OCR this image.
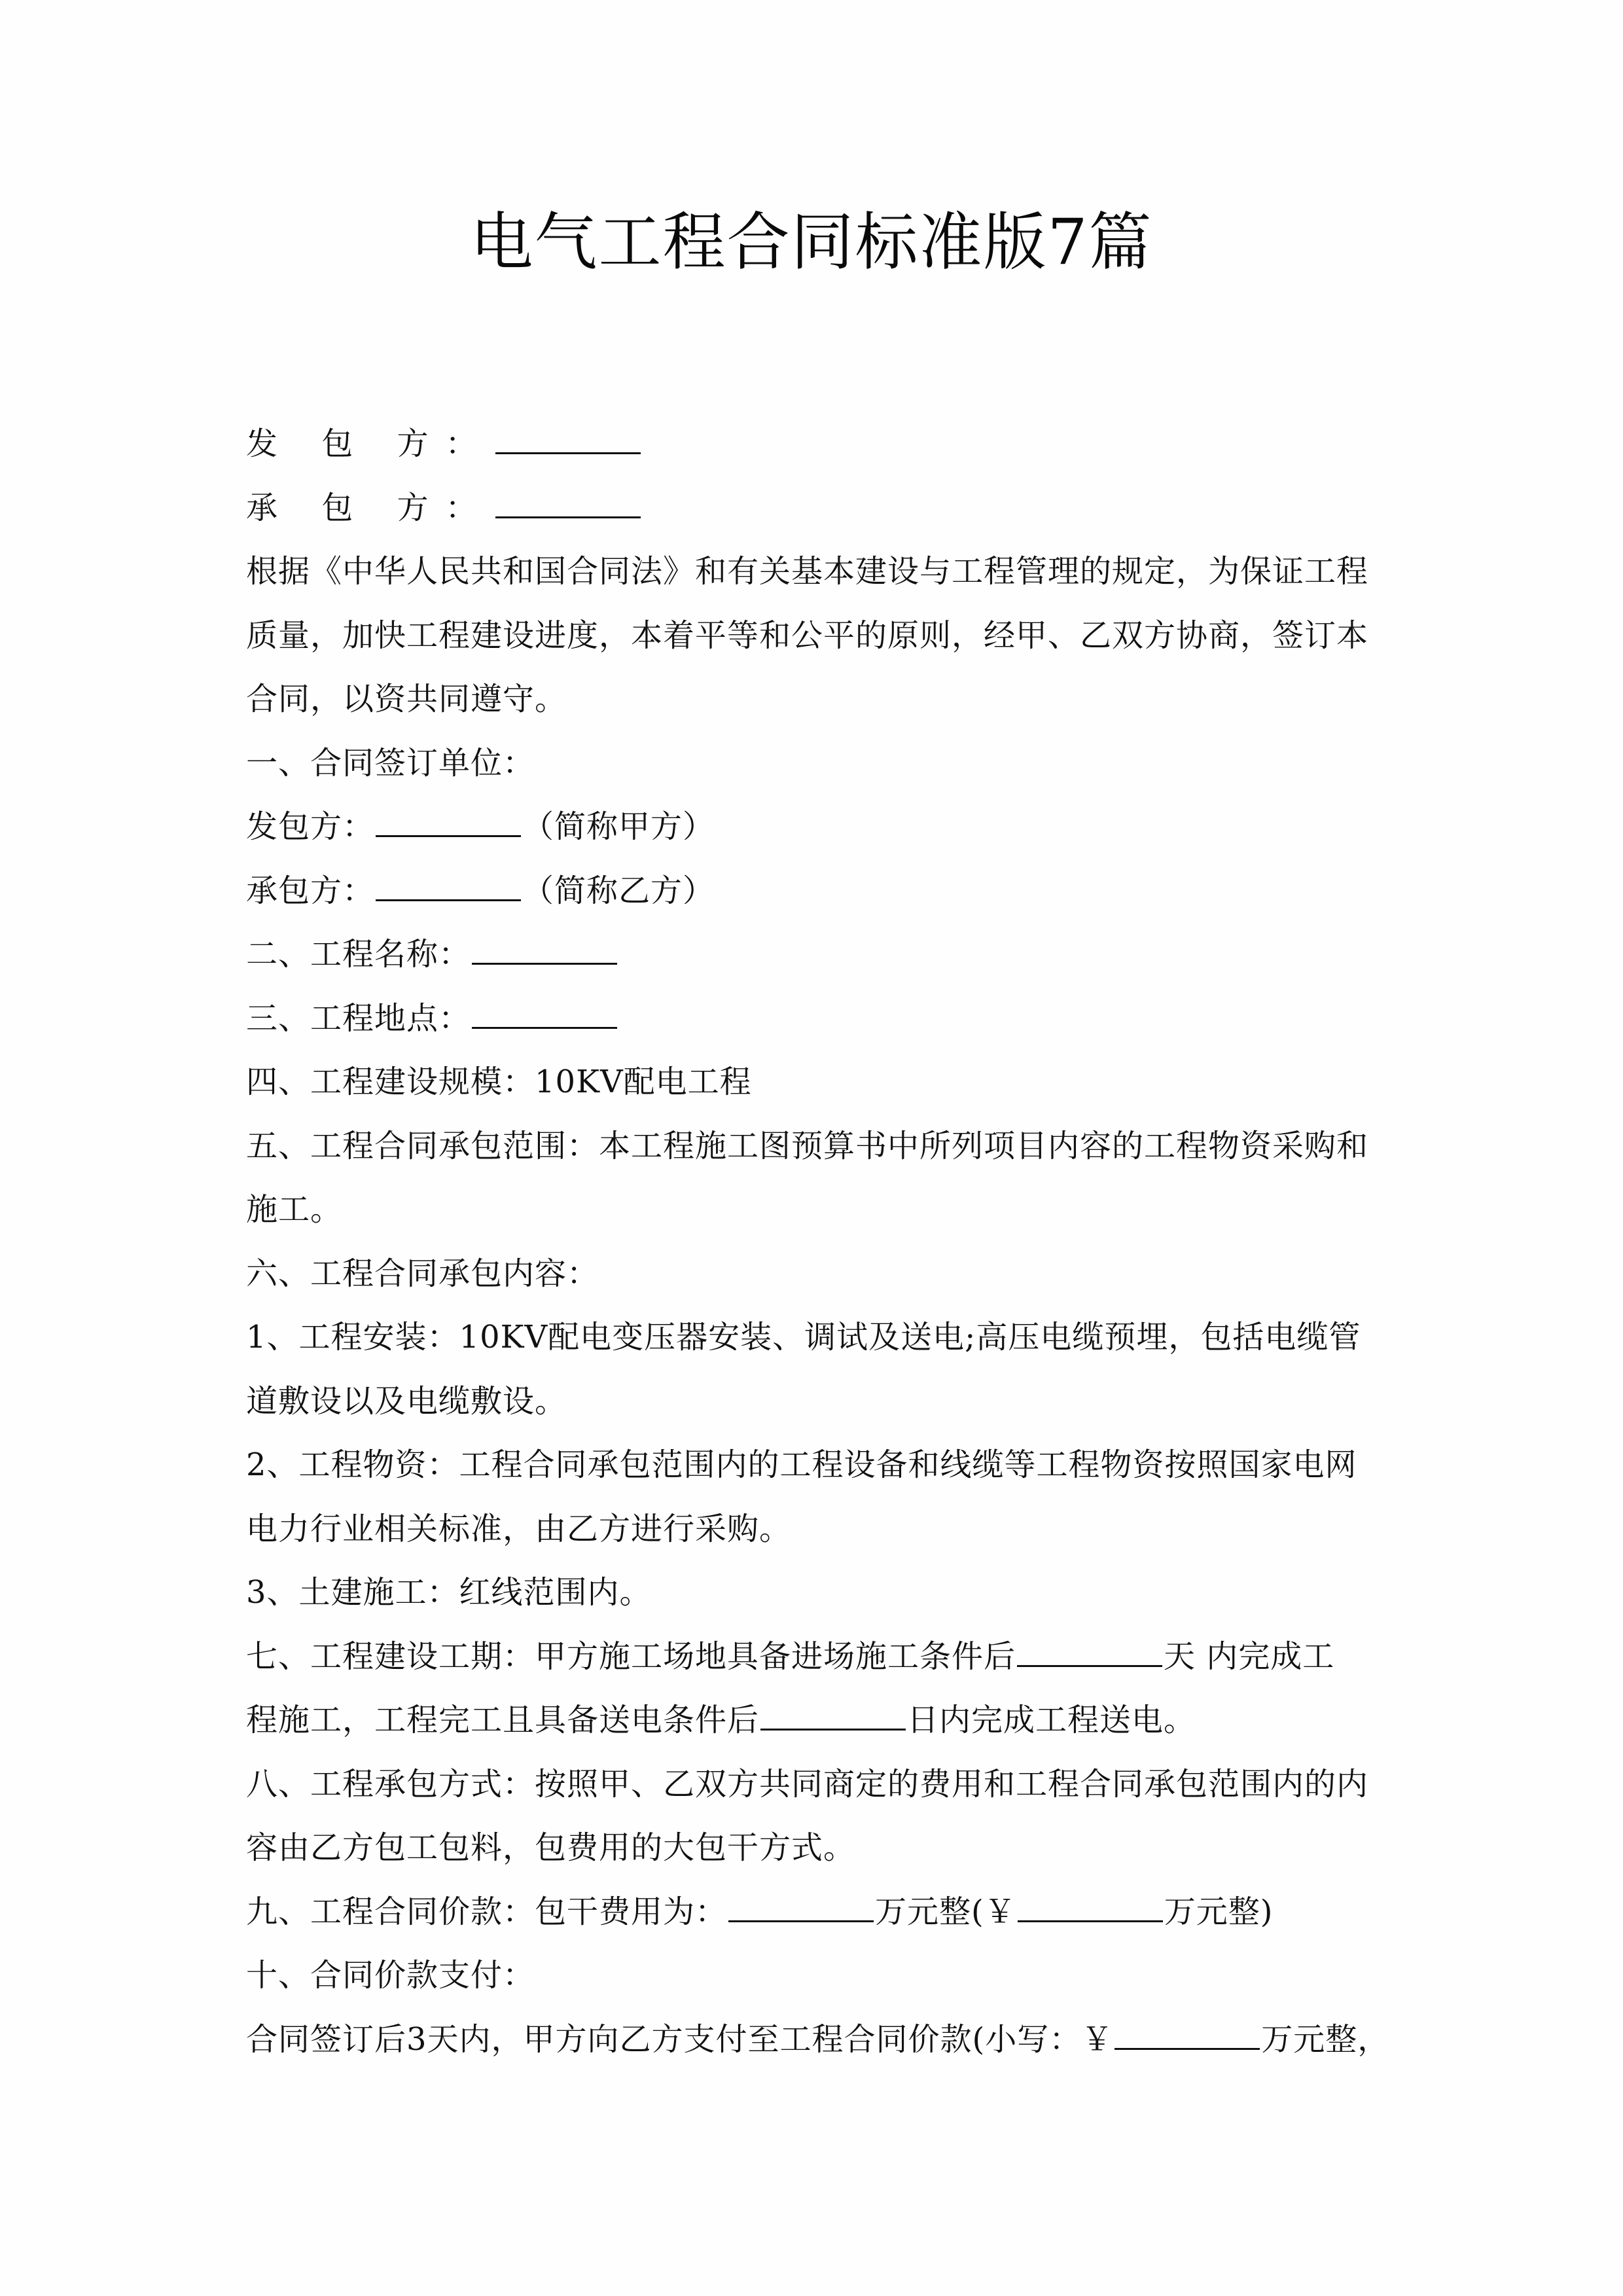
电气工程合同标准版7篇
发 包 方：
承 包 方：
根据《中华人民共和国合同法》和有关基本建设与工程管理的规定，为保证工程
质量，加快工程建设进度，本着平等和公平的原则，经甲、乙双方协商，签订本
合同，以资共同遵守。
一、合同签订单位：
发包方：	（简称甲方）
承包方：	（简称乙方）
二、工程名称：
三、工程地点：
四、工程建设规模：10KV配电工程
五、工程合同承包范围：本工程施工图预算书中所列项目内容的工程物资采购和
施工。
六、工程合同承包内容：
1、工程安装：10KV配电变压器安装、调试及送电;高压电缆预埋，包括电缆管
道敷设以及电缆敷设。
2、工程物资：工程合同承包范围内的工程设备和线缆等工程物资按照国家电网
电力行业相关标准，由乙方进行采购。
3、土建施工：红线范围内。
七、工程建设工期：甲方施工场地具备进场施工条件后	天 内完成工
程施工，工程完工且具备送电条件后	日内完成工程送电。
八、工程承包方式：按照甲、乙双方共同商定的费用和工程合同承包范围内的内
容由乙方包工包料，包费用的大包干方式。
九、工程合同价款：包干费用为：	万元整(￥	万元整)
十、合同价款支付：
合同签订后3天内，甲方向乙方支付至工程合同价款(小写：￥	万元整，
